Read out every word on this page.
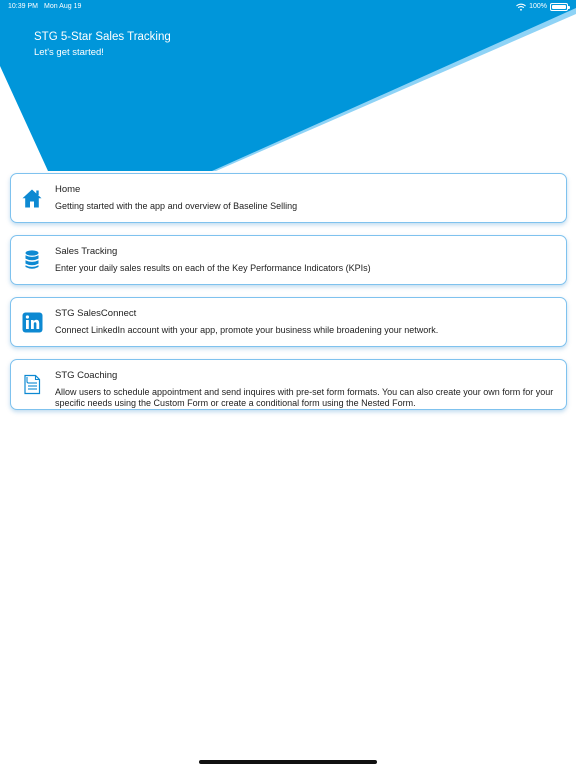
10:39 PM Mon Aug 19	100%
STG 5-Star Sales Tracking
Let's get started!
Home
Getting started with the app and overview of Baseline Selling
Sales Tracking
Enter your daily sales results on each of the Key Performance Indicators (KPIs)
STG SalesConnect
Connect LinkedIn account with your app, promote your business while broadening your network.
STG Coaching
Allow users to schedule appointment and send inquires with pre-set form formats. You can also create your own form for your specific needs using the Custom Form or create a conditional form using the Nested Form.
